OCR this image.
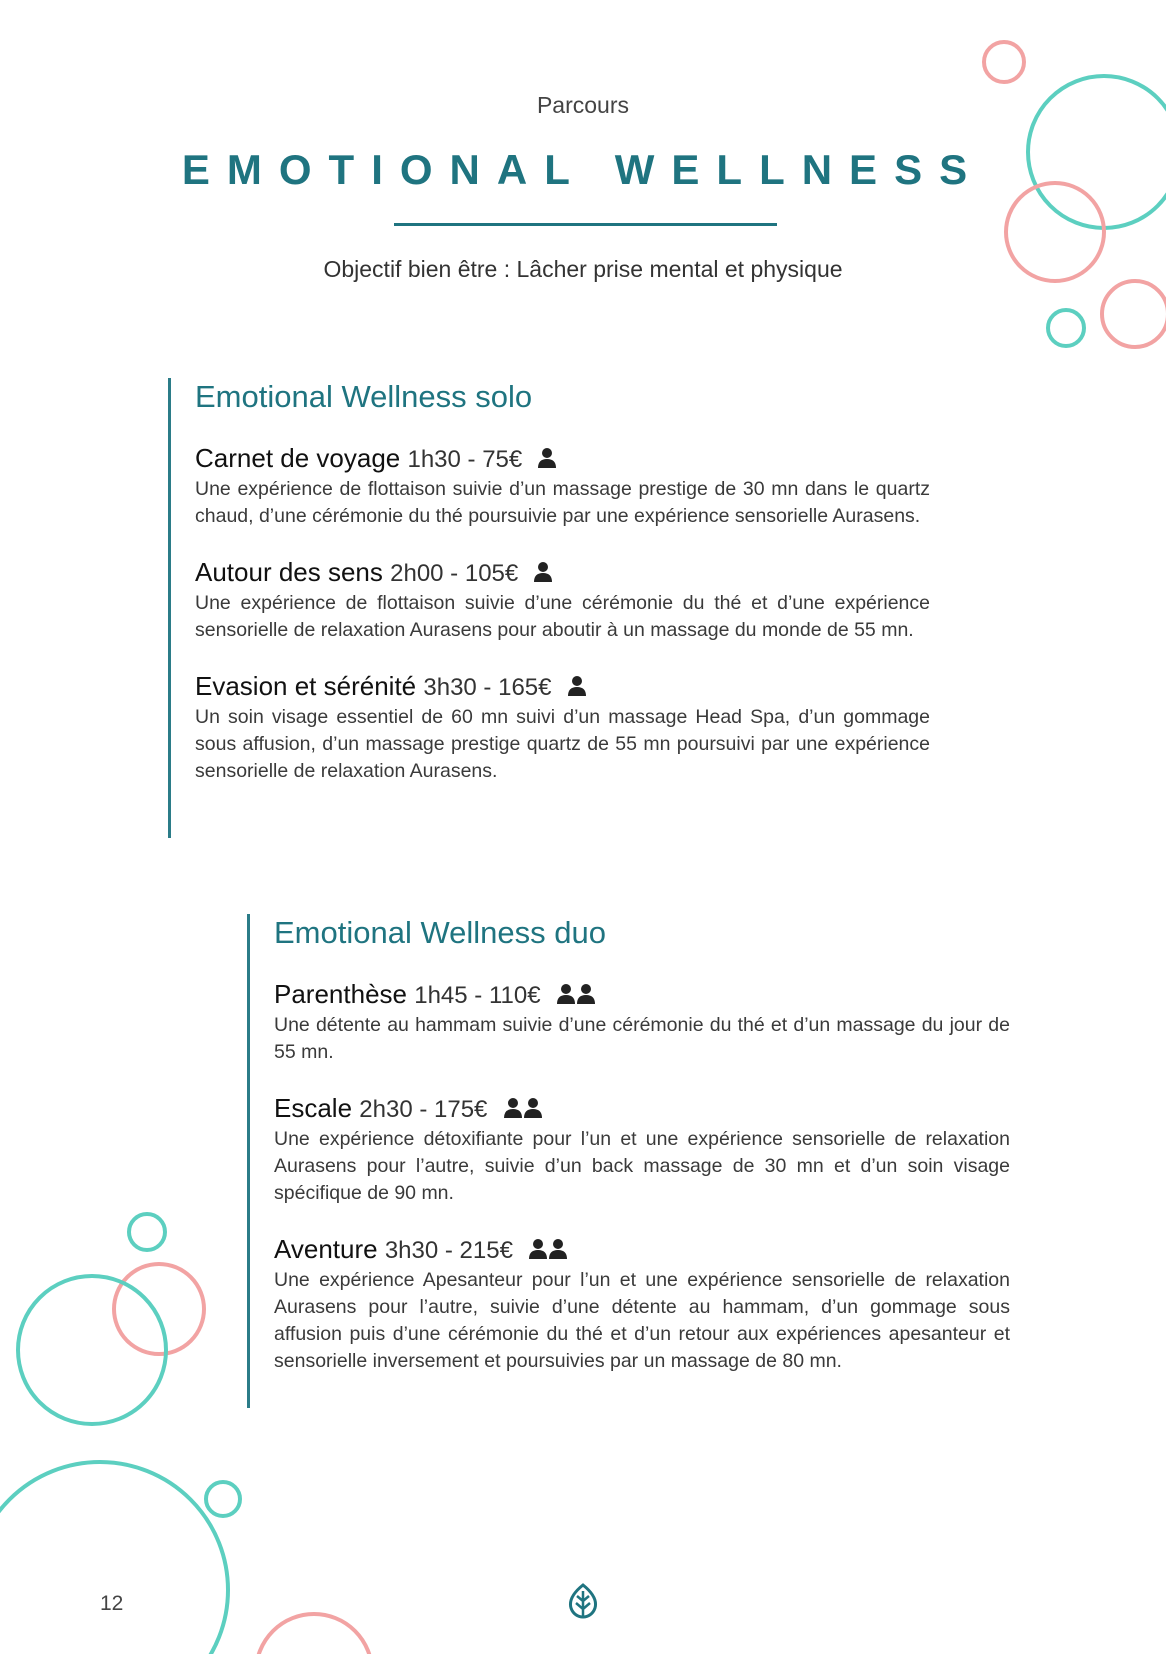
Parcours
EMOTIONAL WELLNESS
Objectif bien être : Lâcher prise mental et physique
Emotional Wellness solo
Carnet de voyage 1h30 - 75€

Une expérience de flottaison suivie d’un massage prestige de 30 mn dans le quartz chaud, d’une cérémonie du thé poursuivie par une expérience sensorielle Aurasens.

Autour des sens 2h00 - 105€

Une expérience de flottaison suivie d’une cérémonie du thé et d’une expérience sensorielle de relaxation Aurasens pour aboutir à un massage du monde de 55 mn.

Evasion et sérénité 3h30 - 165€

Un soin visage essentiel de 60 mn suivi d’un massage Head Spa, d’un gommage sous affusion, d’un massage prestige quartz de 55 mn poursuivi par une expérience sensorielle de relaxation Aurasens.

Emotional Wellness duo
Parenthèse 1h45 - 110€

Une détente au hammam suivie d’une cérémonie du thé et d’un massage du jour de 55 mn.

Escale 2h30 - 175€

Une expérience détoxifiante pour l’un et une expérience sensorielle de relaxation Aurasens pour l’autre, suivie d’un back massage de 30 mn et d’un soin visage spécifique de 90 mn.

Aventure 3h30 - 215€

Une expérience Apesanteur pour l’un et une expérience sensorielle de relaxation Aurasens pour l’autre, suivie d’une détente au hammam, d’un gommage sous affusion puis d’une cérémonie du thé et d’un retour aux expériences apesanteur et sensorielle inversement et poursuivies par un massage de 80 mn.

12
